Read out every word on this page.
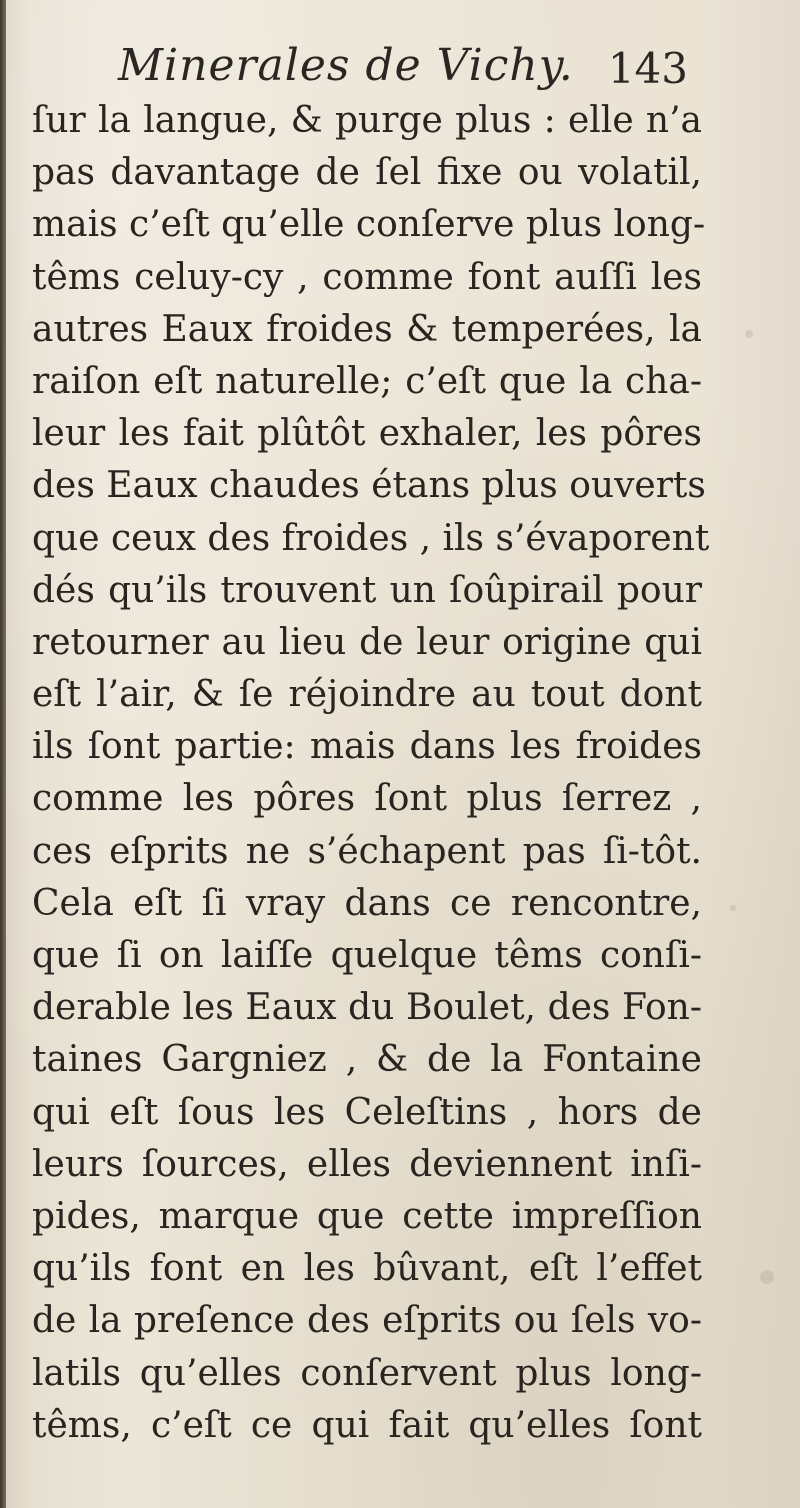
Minerales de Vichy. 143
ſur la langue, & purge plus : elle n’a
pas davantage de ſel fixe ou volatil,
mais c’eſt qu’elle conſerve plus long-
têms celuy-cy , comme font auſſi les
autres Eaux froides & temperées, la
raiſon eſt naturelle; c’eſt que la cha-
leur les fait plûtôt exhaler, les pôres
des Eaux chaudes étans plus ouverts
que ceux des froides , ils s’évaporent
dés qu’ils trouvent un ſoûpirail pour
retourner au lieu de leur origine qui
eſt l’air, & ſe réjoindre au tout dont
ils ſont partie: mais dans les froides
comme les pôres ſont plus ſerrez ,
ces eſprits ne s’échapent pas ſi-tôt.
Cela eſt ſi vray dans ce rencontre,
que ſi on laiſſe quelque têms conſi-
derable les Eaux du Boulet, des Fon-
taines Gargniez , & de la Fontaine
qui eſt ſous les Celeſtins , hors de
leurs ſources, elles deviennent inſi-
pides, marque que cette impreſſion
qu’ils font en les bûvant, eſt l’effet
de la preſence des eſprits ou ſels vo-
latils qu’elles conſervent plus long-
têms, c’eſt ce qui fait qu’elles ſont
